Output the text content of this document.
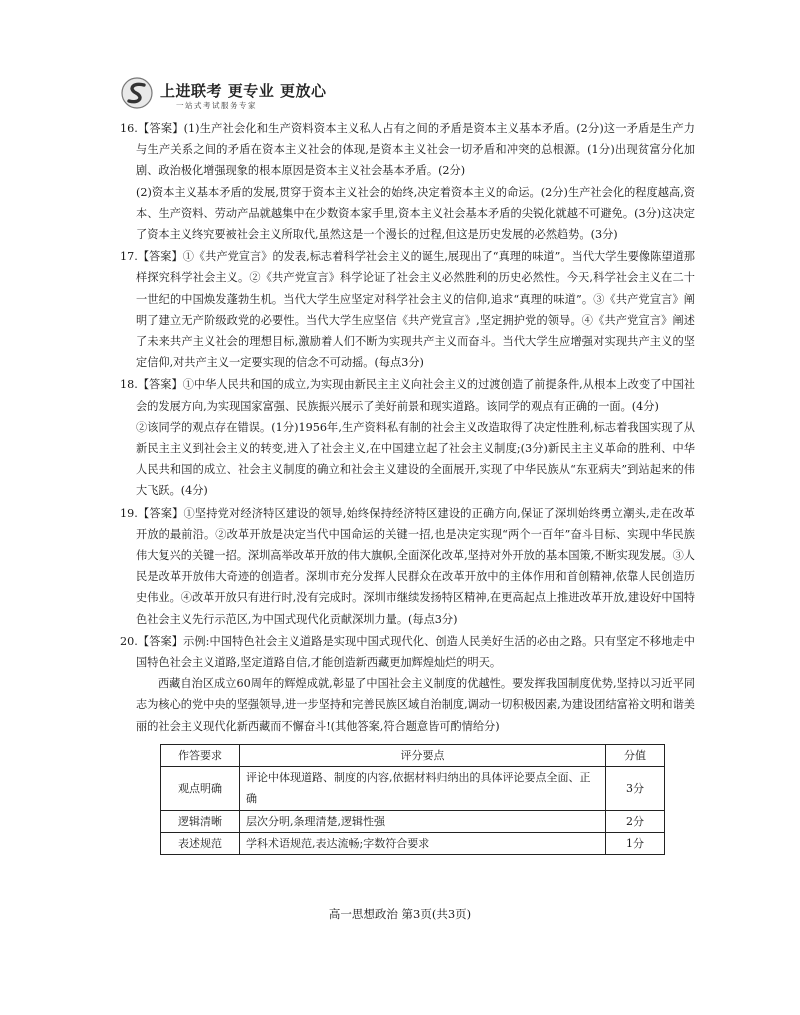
上进联考 更专业 更放心
一站式考试服务专家

16.【答案】(1)生产社会化和生产资料资本主义私人占有之间的矛盾是资本主义基本矛盾。(2分)这一矛盾是生产力与生产关系之间的矛盾在资本主义社会的体现,是资本主义社会一切矛盾和冲突的总根源。(1分)出现贫富分化加剧、政治极化增强现象的根本原因是资本主义社会基本矛盾。(2分)

(2)资本主义基本矛盾的发展,贯穿于资本主义社会的始终,决定着资本主义的命运。(2分)生产社会化的程度越高,资本、生产资料、劳动产品就越集中在少数资本家手里,资本主义社会基本矛盾的尖锐化就越不可避免。(3分)这决定了资本主义终究要被社会主义所取代,虽然这是一个漫长的过程,但这是历史发展的必然趋势。(3分)

17.【答案】①《共产党宣言》的发表,标志着科学社会主义的诞生,展现出了“真理的味道”。当代大学生要像陈望道那样探究科学社会主义。②《共产党宣言》科学论证了社会主义必然胜利的历史必然性。今天,科学社会主义在二十一世纪的中国焕发蓬勃生机。当代大学生应坚定对科学社会主义的信仰,追求“真理的味道”。③《共产党宣言》阐明了建立无产阶级政党的必要性。当代大学生应坚信《共产党宣言》,坚定拥护党的领导。④《共产党宣言》阐述了未来共产主义社会的理想目标,激励着人们不断为实现共产主义而奋斗。当代大学生应增强对实现共产主义的坚定信仰,对共产主义一定要实现的信念不可动摇。(每点3分)

18.【答案】①中华人民共和国的成立,为实现由新民主主义向社会主义的过渡创造了前提条件,从根本上改变了中国社会的发展方向,为实现国家富强、民族振兴展示了美好前景和现实道路。该同学的观点有正确的一面。(4分)

②该同学的观点存在错误。(1分)1956年,生产资料私有制的社会主义改造取得了决定性胜利,标志着我国实现了从新民主主义到社会主义的转变,进入了社会主义,在中国建立起了社会主义制度;(3分)新民主主义革命的胜利、中华人民共和国的成立、社会主义制度的确立和社会主义建设的全面展开,实现了中华民族从“东亚病夫”到站起来的伟大飞跃。(4分)

19.【答案】①坚持党对经济特区建设的领导,始终保持经济特区建设的正确方向,保证了深圳始终勇立潮头,走在改革开放的最前沿。②改革开放是决定当代中国命运的关键一招,也是决定实现“两个一百年”奋斗目标、实现中华民族伟大复兴的关键一招。深圳高举改革开放的伟大旗帜,全面深化改革,坚持对外开放的基本国策,不断实现发展。③人民是改革开放伟大奇迹的创造者。深圳市充分发挥人民群众在改革开放中的主体作用和首创精神,依靠人民创造历史伟业。④改革开放只有进行时,没有完成时。深圳市继续发扬特区精神,在更高起点上推进改革开放,建设好中国特色社会主义先行示范区,为中国式现代化贡献深圳力量。(每点3分)

20.【答案】示例:中国特色社会主义道路是实现中国式现代化、创造人民美好生活的必由之路。只有坚定不移地走中国特色社会主义道路,坚定道路自信,才能创造新西藏更加辉煌灿烂的明天。

西藏自治区成立60周年的辉煌成就,彰显了中国社会主义制度的优越性。要发挥我国制度优势,坚持以习近平同志为核心的党中央的坚强领导,进一步坚持和完善民族区域自治制度,调动一切积极因素,为建设团结富裕文明和谐美丽的社会主义现代化新西藏而不懈奋斗!(其他答案,符合题意皆可酌情给分)

作答要求	评分要点	分值
观点明确	评论中体现道路、制度的内容,依据材料归纳出的具体评论要点全面、正确	3分
逻辑清晰	层次分明,条理清楚,逻辑性强	2分
表述规范	学科术语规范,表达流畅;字数符合要求	1分
高一思想政治 第3页(共3页)
